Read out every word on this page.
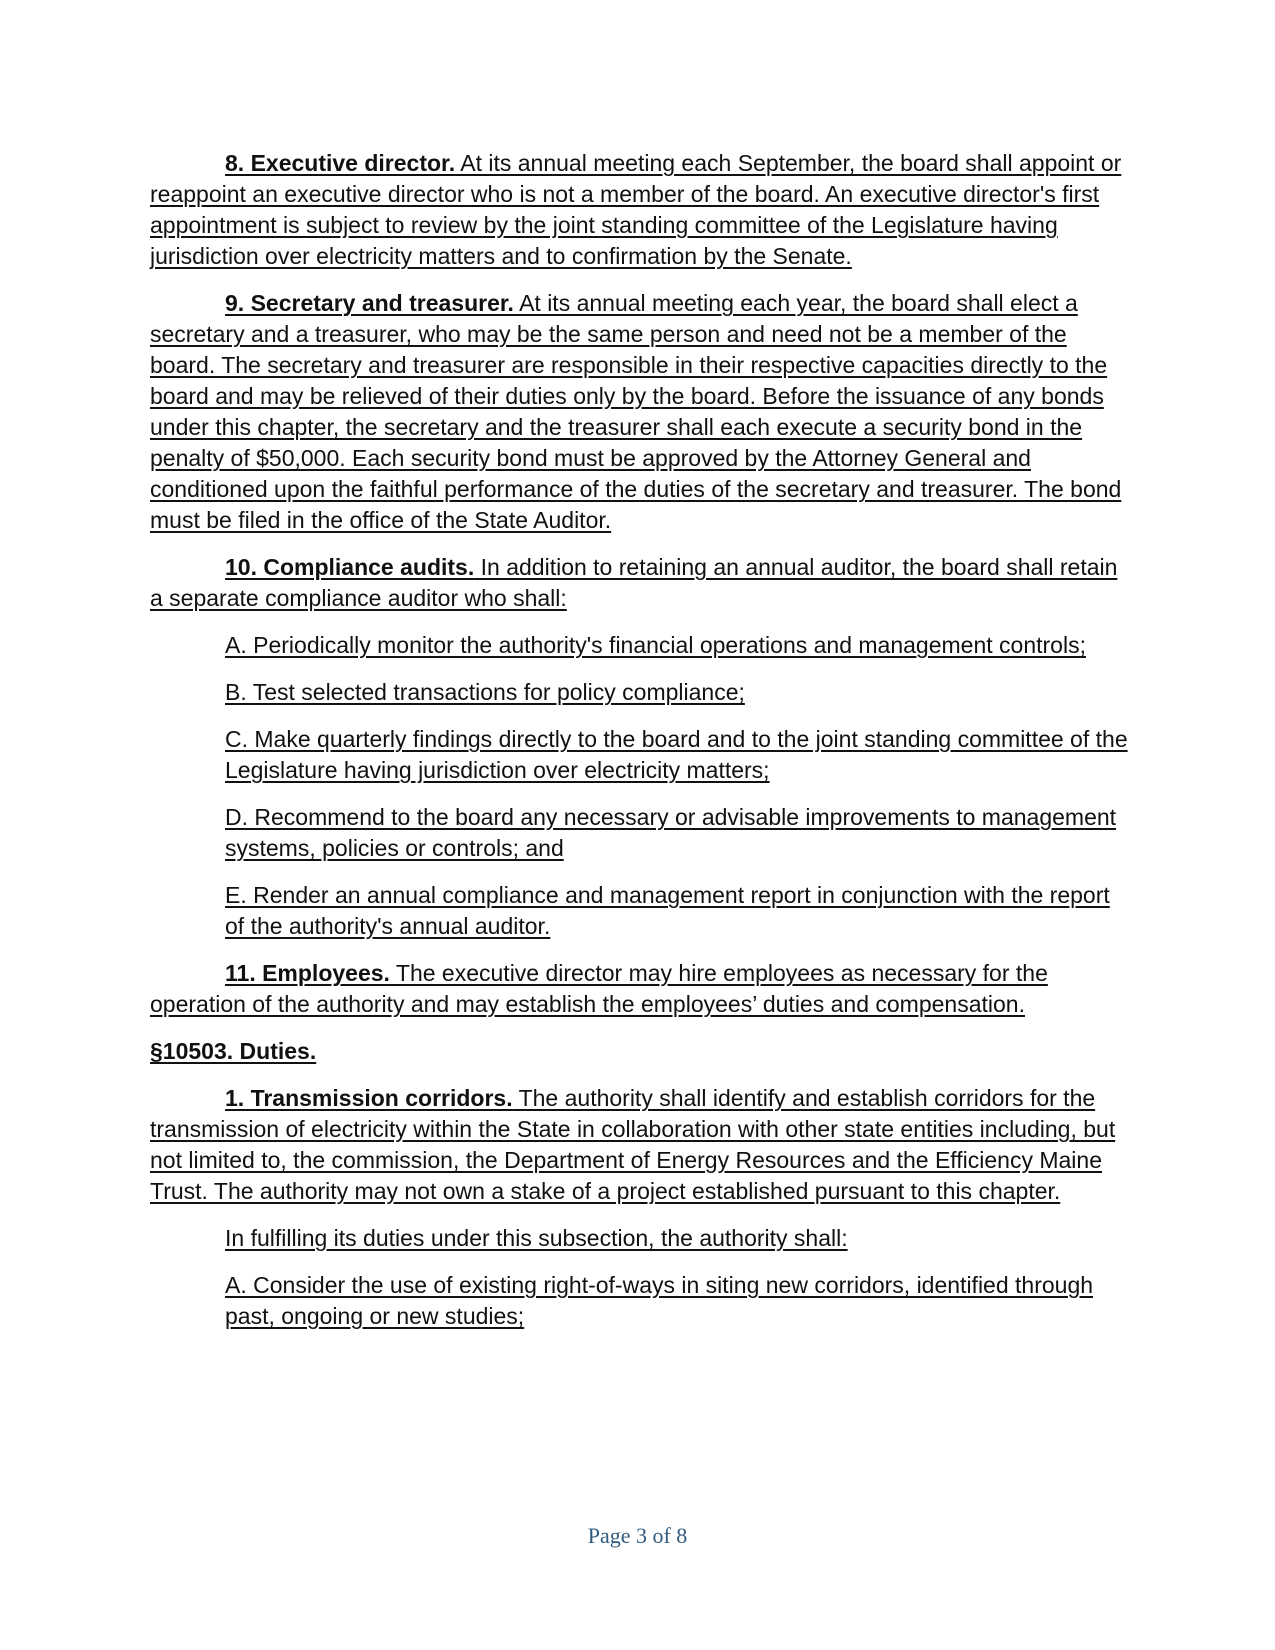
8. Executive director. At its annual meeting each September, the board shall appoint or reappoint an executive director who is not a member of the board. An executive director's first appointment is subject to review by the joint standing committee of the Legislature having jurisdiction over electricity matters and to confirmation by the Senate.

9. Secretary and treasurer. At its annual meeting each year, the board shall elect a secretary and a treasurer, who may be the same person and need not be a member of the board. The secretary and treasurer are responsible in their respective capacities directly to the board and may be relieved of their duties only by the board. Before the issuance of any bonds under this chapter, the secretary and the treasurer shall each execute a security bond in the penalty of $50,000. Each security bond must be approved by the Attorney General and conditioned upon the faithful performance of the duties of the secretary and treasurer. The bond must be filed in the office of the State Auditor.

10. Compliance audits. In addition to retaining an annual auditor, the board shall retain a separate compliance auditor who shall:

A. Periodically monitor the authority's financial operations and management controls;

B. Test selected transactions for policy compliance;

C. Make quarterly findings directly to the board and to the joint standing committee of the Legislature having jurisdiction over electricity matters;

D. Recommend to the board any necessary or advisable improvements to management systems, policies or controls; and

E. Render an annual compliance and management report in conjunction with the report of the authority's annual auditor.

11. Employees. The executive director may hire employees as necessary for the operation of the authority and may establish the employees’ duties and compensation.

§10503. Duties.

1. Transmission corridors. The authority shall identify and establish corridors for the transmission of electricity within the State in collaboration with other state entities including, but not limited to, the commission, the Department of Energy Resources and the Efficiency Maine Trust. The authority may not own a stake of a project established pursuant to this chapter.

In fulfilling its duties under this subsection, the authority shall:

A. Consider the use of existing right-of-ways in siting new corridors, identified through past, ongoing or new studies;

Page 3 of 8
